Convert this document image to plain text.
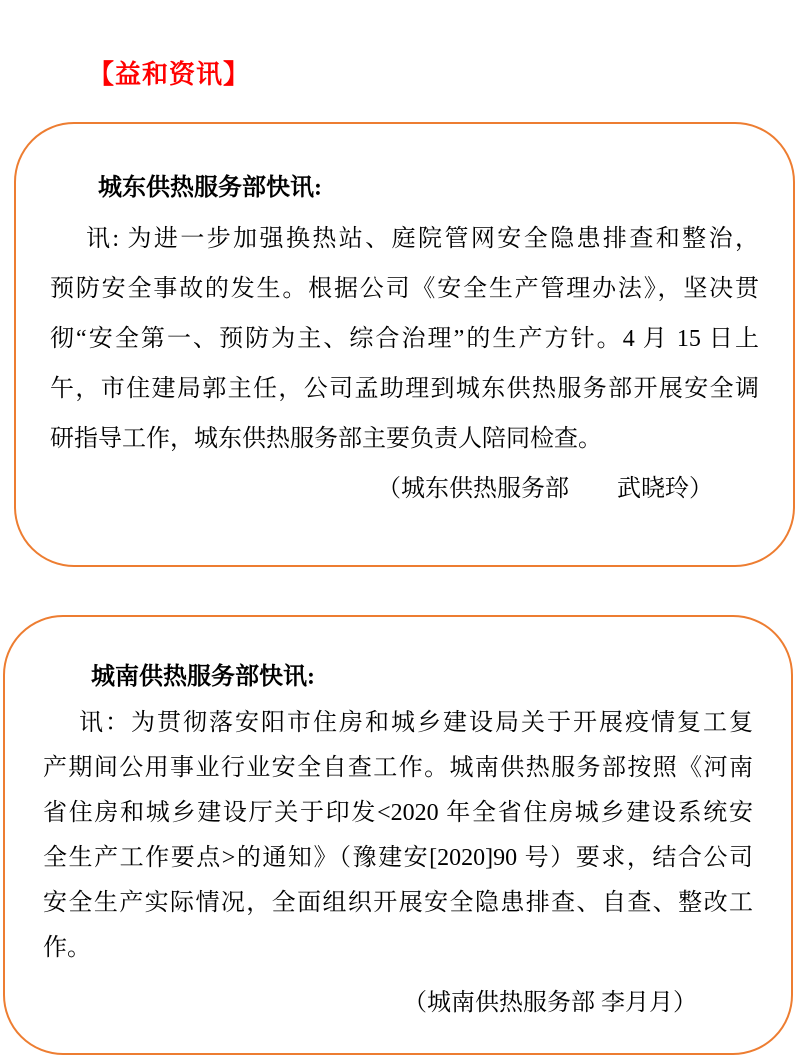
【益和资讯】
城东供热服务部快讯:
讯: 为进一步加强换热站、庭院管网安全隐患排查和整治，
预防安全事故的发生。根据公司《安全生产管理办法》，坚决贯
彻“安全第一、预防为主、综合治理”的生产方针。4 月 15 日上
午，市住建局郭主任，公司孟助理到城东供热服务部开展安全调
研指导工作，城东供热服务部主要负责人陪同检查。
（城东供热服务部　　武晓玲）
城南供热服务部快讯:
讯：为贯彻落安阳市住房和城乡建设局关于开展疫情复工复
产期间公用事业行业安全自查工作。城南供热服务部按照《河南
省住房和城乡建设厅关于印发<2020 年全省住房城乡建设系统安
全生产工作要点>的通知》（豫建安[2020]90 号）要求，结合公司
安全生产实际情况，全面组织开展安全隐患排查、自查、整改工
作。
（城南供热服务部 李月月）
